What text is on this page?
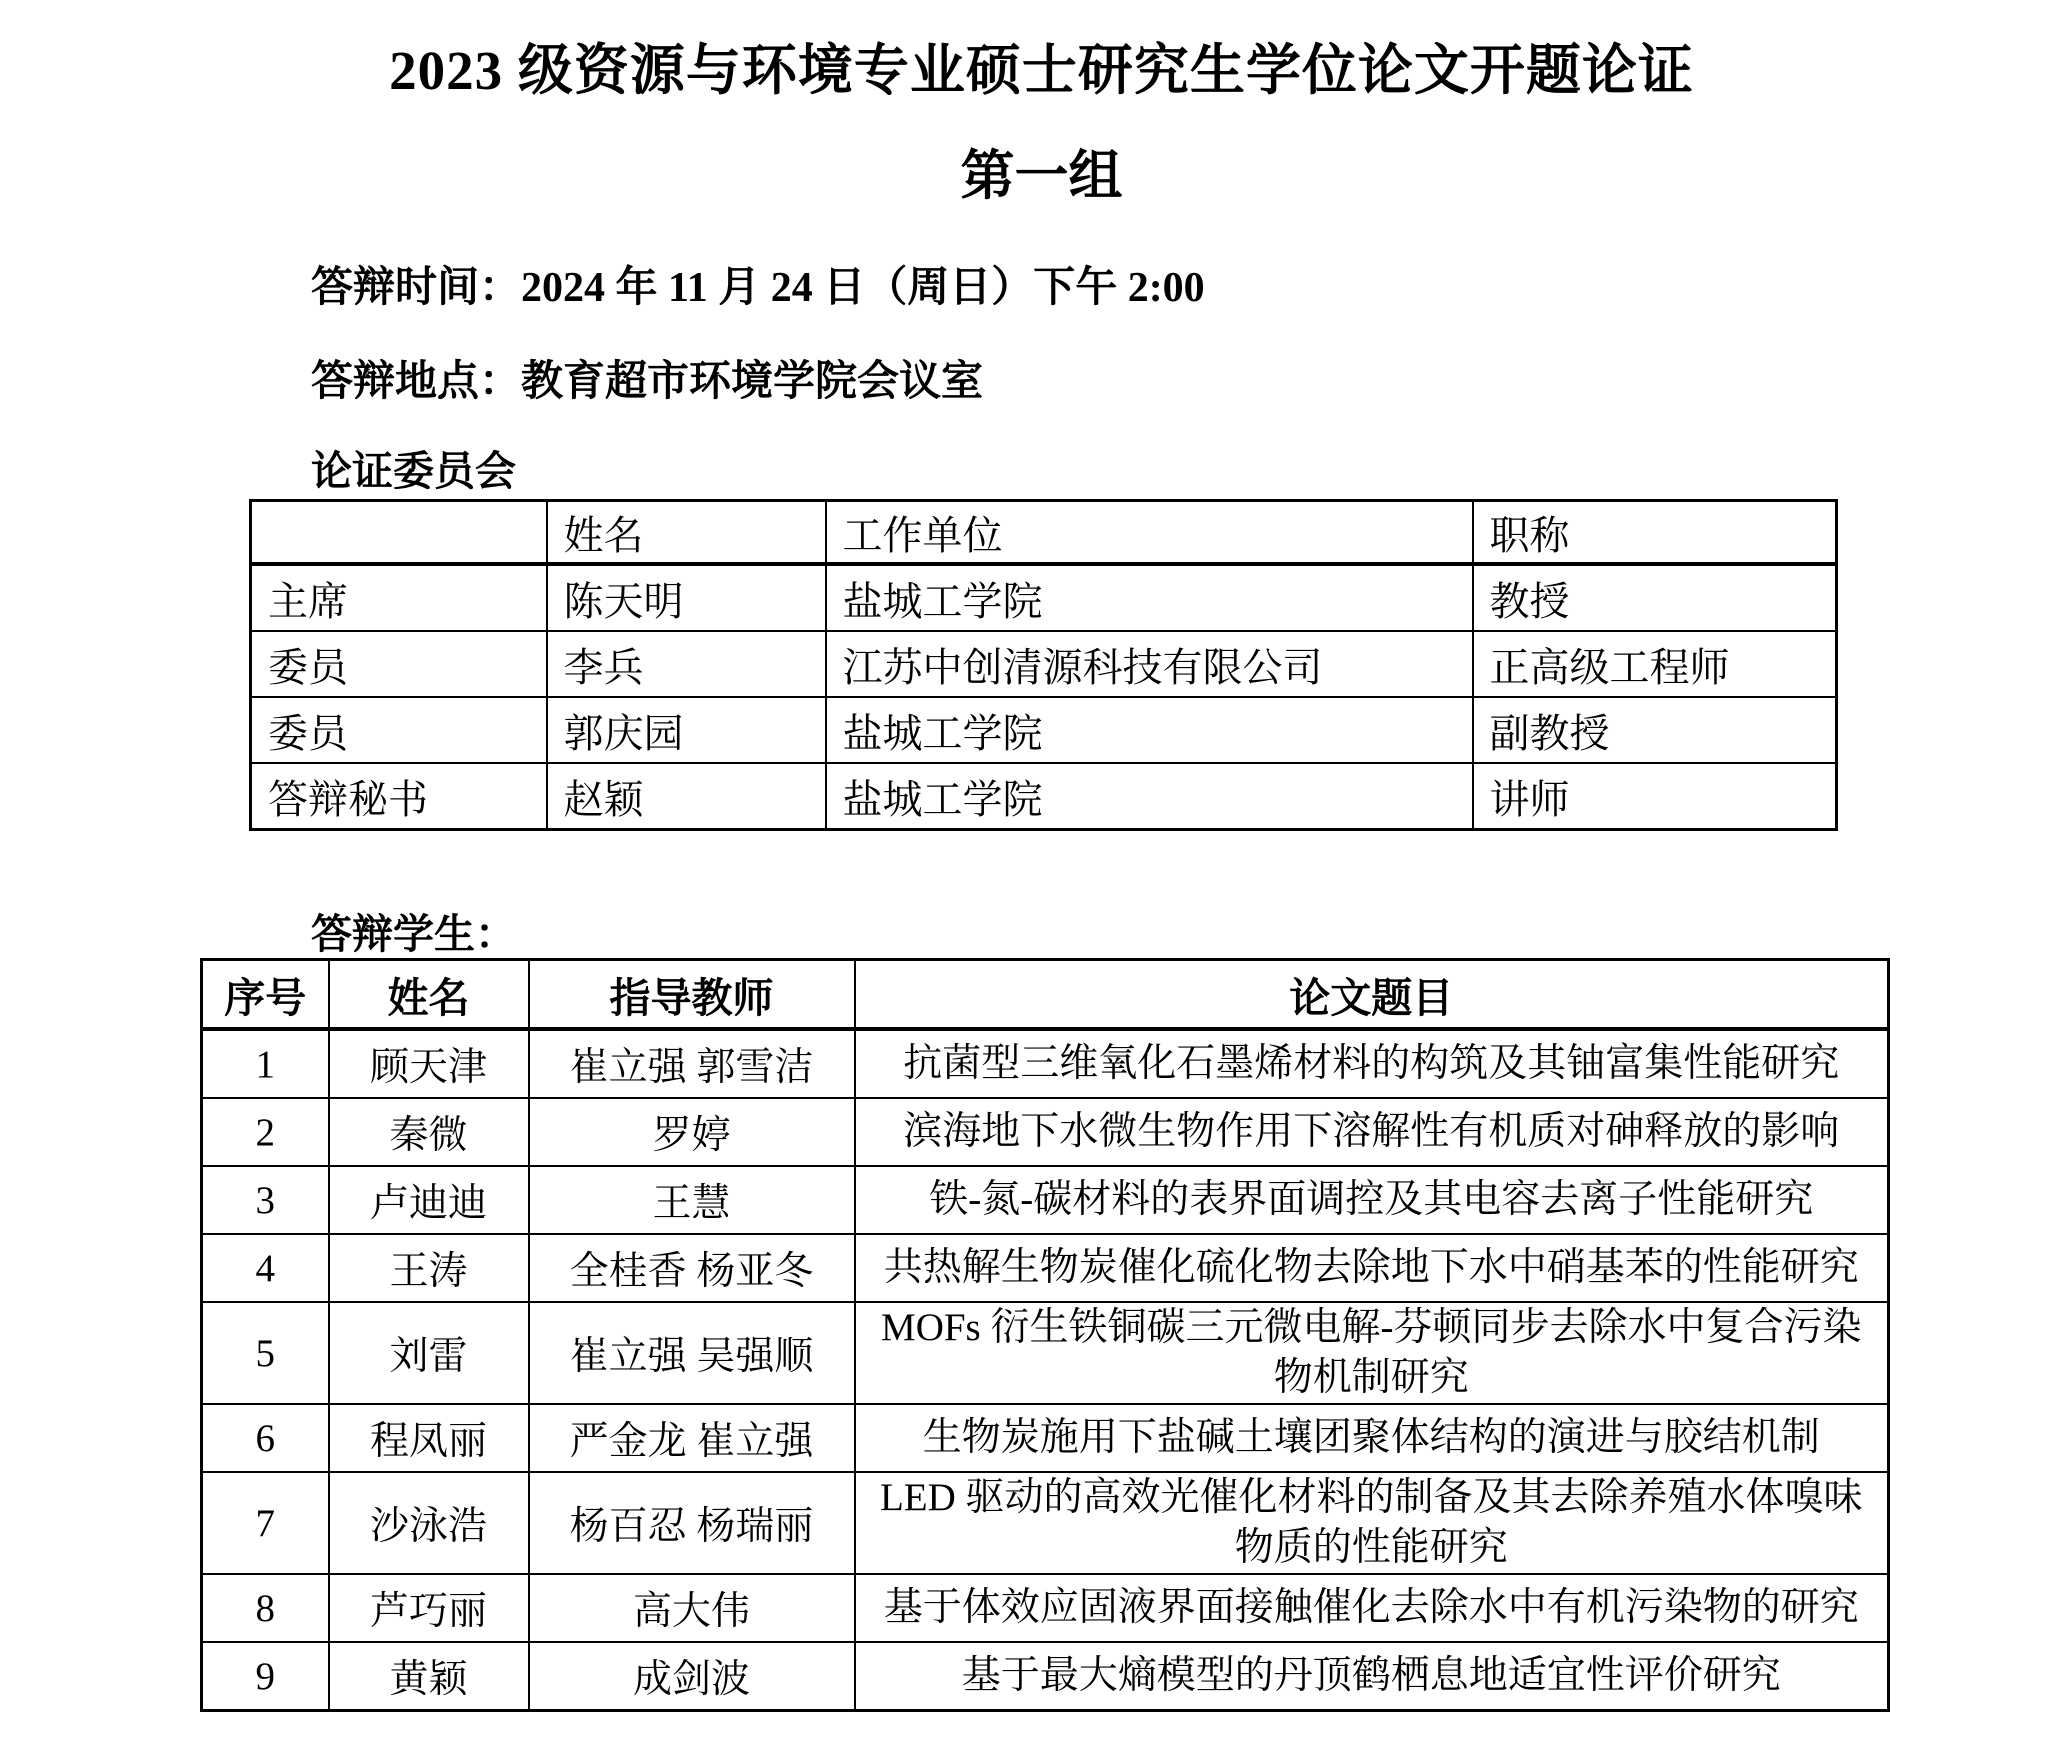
2023 级资源与环境专业硕士研究生学位论文开题论证
第一组
答辩时间：2024 年 11 月 24 日（周日）下午 2:00
答辩地点：教育超市环境学院会议室
论证委员会
	姓名	工作单位	职称
主席	陈天明	盐城工学院	教授
委员	李兵	江苏中创清源科技有限公司	正高级工程师
委员	郭庆园	盐城工学院	副教授
答辩秘书	赵颖	盐城工学院	讲师
答辩学生：
序号	姓名	指导教师	论文题目
1	顾天津	崔立强 郭雪洁	抗菌型三维氧化石墨烯材料的构筑及其铀富集性能研究
2	秦微	罗婷	滨海地下水微生物作用下溶解性有机质对砷释放的影响
3	卢迪迪	王慧	铁-氮-碳材料的表界面调控及其电容去离子性能研究
4	王涛	全桂香 杨亚冬	共热解生物炭催化硫化物去除地下水中硝基苯的性能研究
5	刘雷	崔立强 吴强顺	MOFs 衍生铁铜碳三元微电解-芬顿同步去除水中复合污染物机制研究
6	程凤丽	严金龙 崔立强	生物炭施用下盐碱土壤团聚体结构的演进与胶结机制
7	沙泳浩	杨百忍 杨瑞丽	LED 驱动的高效光催化材料的制备及其去除养殖水体嗅味物质的性能研究
8	芦巧丽	高大伟	基于体效应固液界面接触催化去除水中有机污染物的研究
9	黄颖	成剑波	基于最大熵模型的丹顶鹤栖息地适宜性评价研究
